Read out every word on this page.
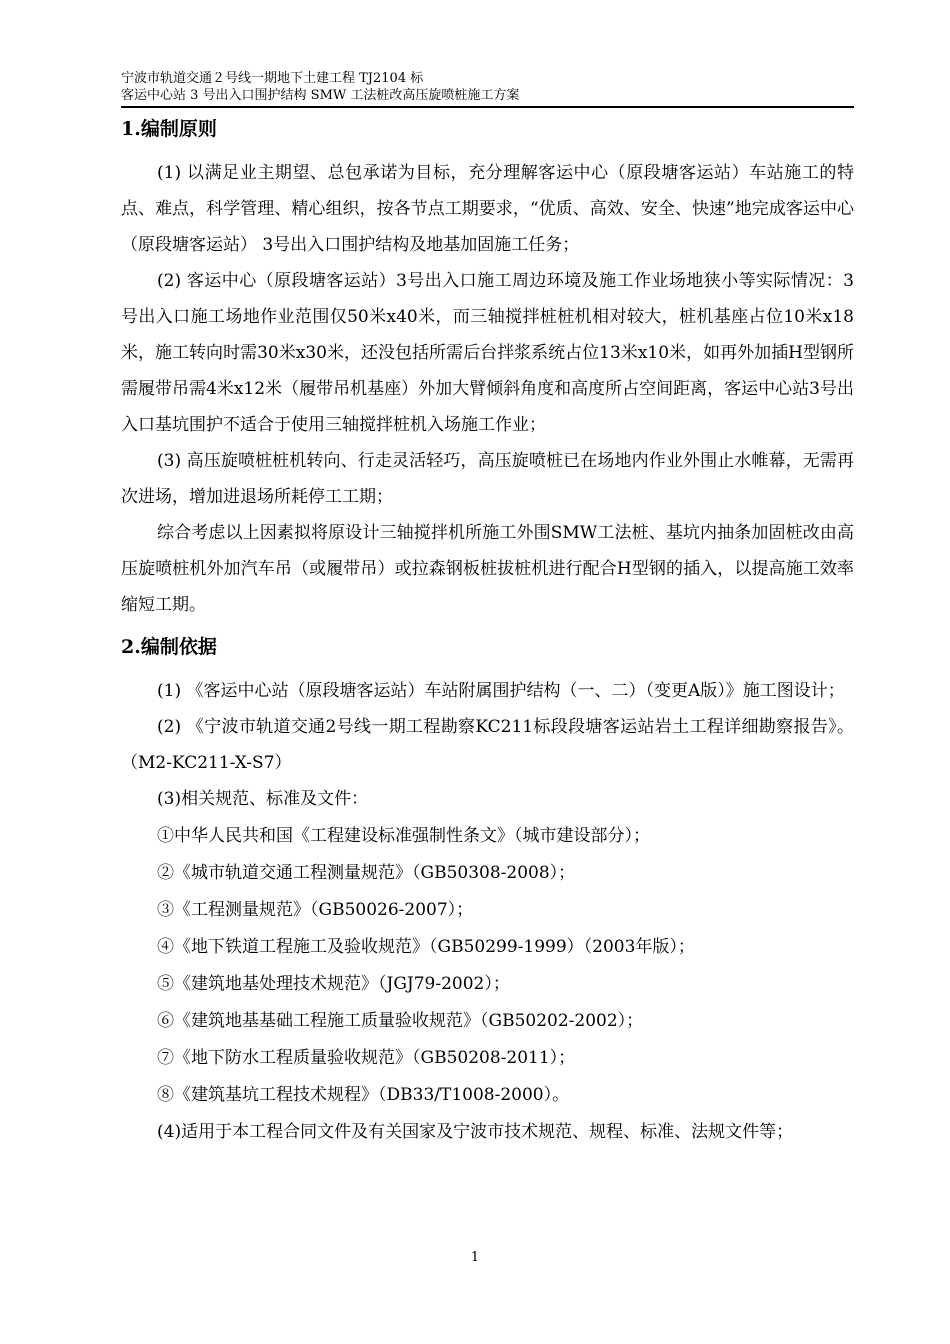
宁波市轨道交通２号线一期地下土建工程 TJ2104 标
客运中心站 3 号出入口围护结构 SMW 工法桩改高压旋喷桩施工方案
1.编制原则

(1) 以满足业主期望、总包承诺为目标，充分理解客运中心（原段塘客运站）车站施工的特点、难点，科学管理、精心组织，按各节点工期要求，“优质、高效、安全、快速”地完成客运中心（原段塘客运站） 3号出入口围护结构及地基加固施工任务；

(2) 客运中心（原段塘客运站）3号出入口施工周边环境及施工作业场地狭小等实际情况：3号出入口施工场地作业范围仅50米x40米，而三轴搅拌桩桩机相对较大，桩机基座占位10米x18米，施工转向时需30米x30米，还没包括所需后台拌浆系统占位13米x10米，如再外加插H型钢所需履带吊需4米x12米（履带吊机基座）外加大臂倾斜角度和高度所占空间距离，客运中心站3号出入口基坑围护不适合于使用三轴搅拌桩机入场施工作业；

(3) 高压旋喷桩桩机转向、行走灵活轻巧，高压旋喷桩已在场地内作业外围止水帷幕，无需再次进场，增加进退场所耗停工工期；

综合考虑以上因素拟将原设计三轴搅拌机所施工外围SMW工法桩、基坑内抽条加固桩改由高压旋喷桩机外加汽车吊（或履带吊）或拉森钢板桩拔桩机进行配合H型钢的插入，以提高施工效率缩短工期。

2.编制依据

(1) 《客运中心站（原段塘客运站）车站附属围护结构（一、二）（变更A版）》施工图设计；

(2) 《宁波市轨道交通2号线一期工程勘察KC211标段段塘客运站岩土工程详细勘察报告》。（M2-KC211-X-S7）

(3)相关规范、标准及文件：

①中华人民共和国《工程建设标准强制性条文》（城市建设部分）；

②《城市轨道交通工程测量规范》（GB50308-2008）；

③《工程测量规范》（GB50026-2007）；

④《地下铁道工程施工及验收规范》（GB50299-1999）（2003年版）；

⑤《建筑地基处理技术规范》（JGJ79-2002）；

⑥《建筑地基基础工程施工质量验收规范》（GB50202-2002）；

⑦《地下防水工程质量验收规范》（GB50208-2011）；

⑧《建筑基坑工程技术规程》（DB33/T1008-2000）。

(4)适用于本工程合同文件及有关国家及宁波市技术规范、规程、标准、法规文件等；

1
